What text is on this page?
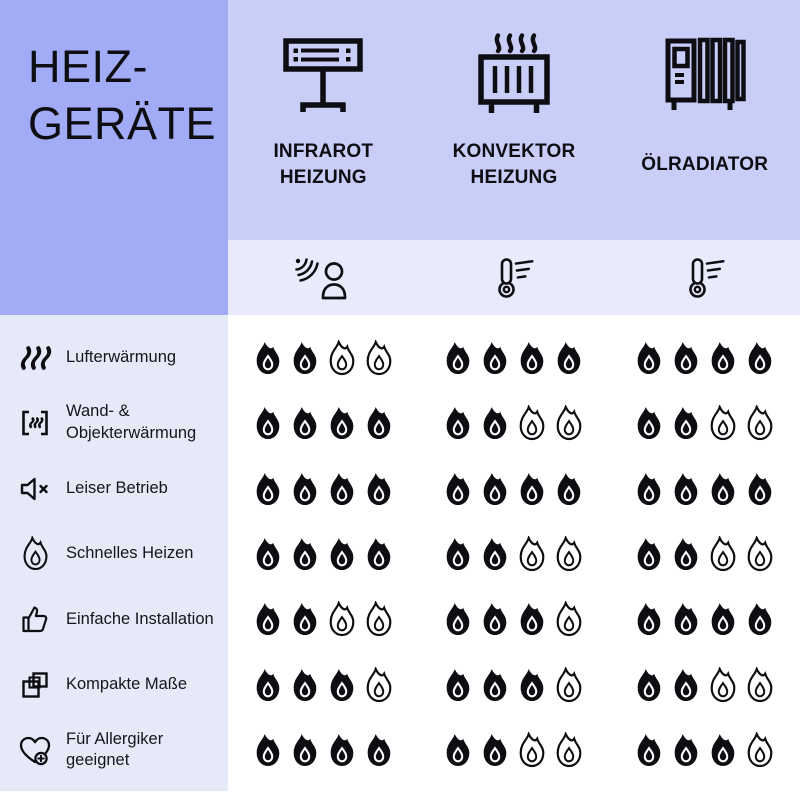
HEIZ-
GERÄTE
INFRAROT
HEIZUNG
KONVEKTOR
HEIZUNG
ÖLRADIATOR
Lufterwärmung
Wand- &
Objekterwärmung
Leiser Betrieb
Schnelles Heizen
Einfache Installation
Kompakte Maße
Für Allergiker
geeignet
